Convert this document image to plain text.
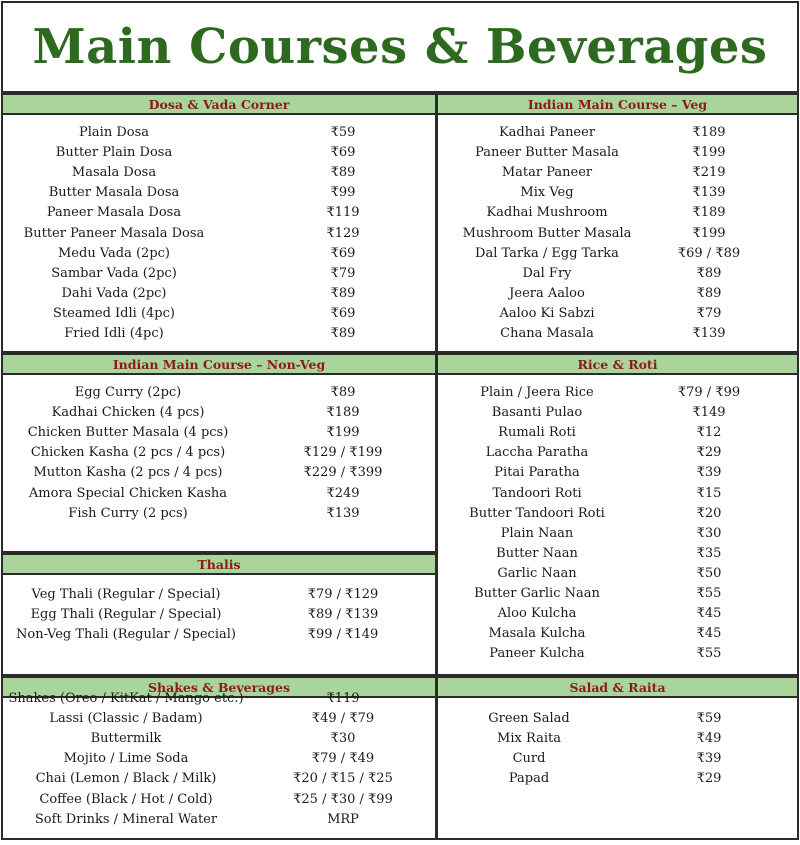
Main Courses & Beverages
Dosa & Vada Corner
Plain Dosa	₹59
Butter Plain Dosa	₹69
Masala Dosa	₹89
Butter Masala Dosa	₹99
Paneer Masala Dosa	₹119
Butter Paneer Masala Dosa	₹129
Medu Vada (2pc)	₹69
Sambar Vada (2pc)	₹79
Dahi Vada (2pc)	₹89
Steamed Idli (4pc)	₹69
Fried Idli (4pc)	₹89
Indian Main Course – Veg
Kadhai Paneer	₹189
Paneer Butter Masala	₹199
Matar Paneer	₹219
Mix Veg	₹139
Kadhai Mushroom	₹189
Mushroom Butter Masala	₹199
Dal Tarka / Egg Tarka	₹69 / ₹89
Dal Fry	₹89
Jeera Aaloo	₹89
Aaloo Ki Sabzi	₹79
Chana Masala	₹139
Indian Main Course – Non-Veg
Egg Curry (2pc)	₹89
Kadhai Chicken (4 pcs)	₹189
Chicken Butter Masala (4 pcs)	₹199
Chicken Kasha (2 pcs / 4 pcs)	₹129 / ₹199
Mutton Kasha (2 pcs / 4 pcs)	₹229 / ₹399
Amora Special Chicken Kasha	₹249
Fish Curry (2 pcs)	₹139
Rice & Roti
Plain / Jeera Rice	₹79 / ₹99
Basanti Pulao	₹149
Rumali Roti	₹12
Laccha Paratha	₹29
Pitai Paratha	₹39
Tandoori Roti	₹15
Butter Tandoori Roti	₹20
Plain Naan	₹30
Butter Naan	₹35
Garlic Naan	₹50
Butter Garlic Naan	₹55
Aloo Kulcha	₹45
Masala Kulcha	₹45
Paneer Kulcha	₹55
Thalis
Veg Thali (Regular / Special)	₹79 / ₹129
Egg Thali (Regular / Special)	₹89 / ₹139
Non-Veg Thali (Regular / Special)	₹99 / ₹149
Shakes & Beverages
Shakes (Oreo / KitKat / Mango etc.)	₹119
Lassi (Classic / Badam)	₹49 / ₹79
Buttermilk	₹30
Mojito / Lime Soda	₹79 / ₹49
Chai (Lemon / Black / Milk)	₹20 / ₹15 / ₹25
Coffee (Black / Hot / Cold)	₹25 / ₹30 / ₹99
Soft Drinks / Mineral Water	MRP
Salad & Raita
Green Salad	₹59
Mix Raita	₹49
Curd	₹39
Papad	₹29
